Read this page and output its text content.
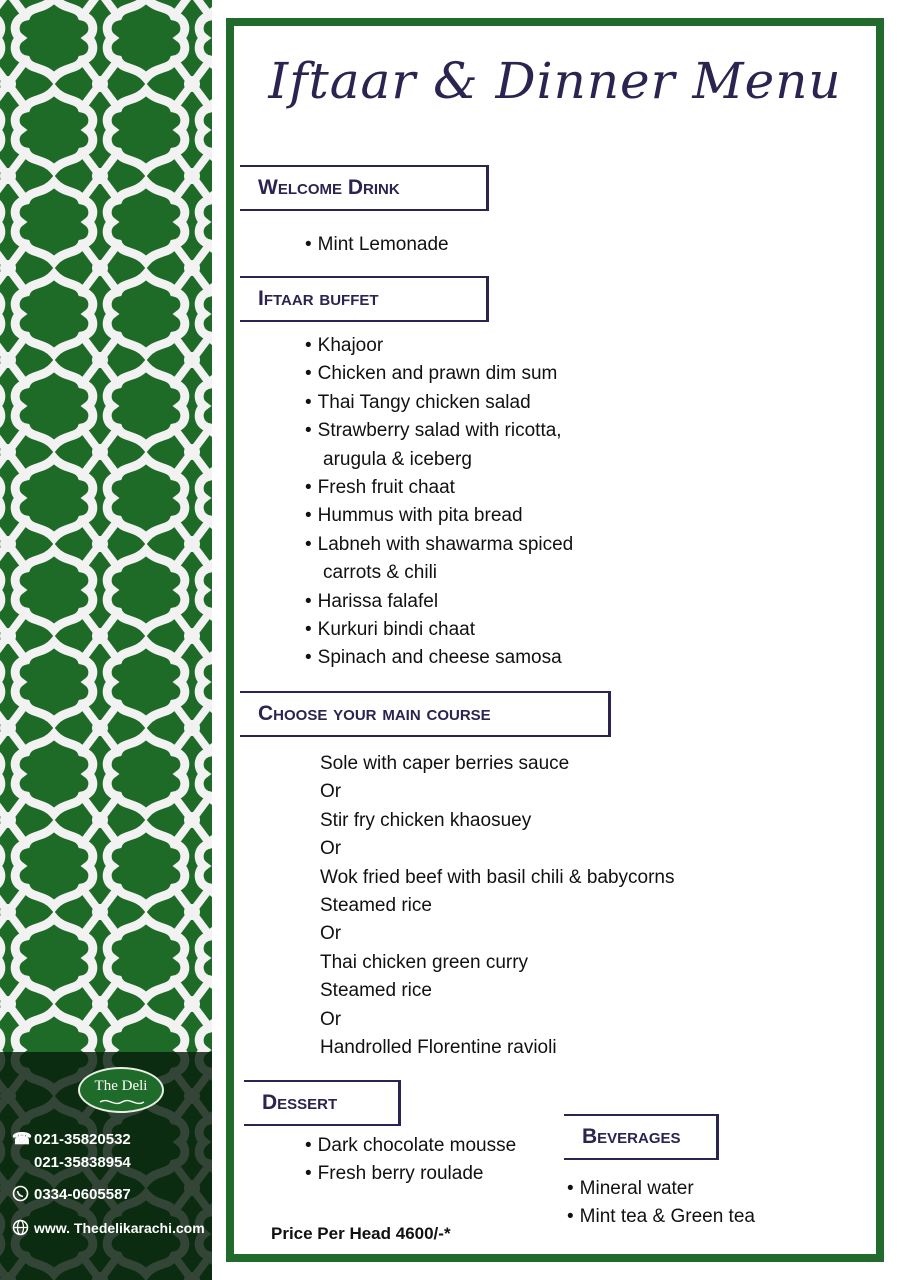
The Deli
☎ 021-35820532
021-35838954
0334-0605587
www. Thedelikarachi.com
Iftaar & Dinner Menu
Welcome Drink
• Mint Lemonade
Iftaar buffet
• Khajoor
• Chicken and prawn dim sum
• Thai Tangy chicken salad
• Strawberry salad with ricotta,
arugula & iceberg
• Fresh fruit chaat
• Hummus with pita bread
• Labneh with shawarma spiced
carrots & chili
• Harissa falafel
• Kurkuri bindi chaat
• Spinach and cheese samosa
Choose your main course
Sole with caper berries sauce
Or
Stir fry chicken khaosuey
Or
Wok fried beef with basil chili & babycorns
Steamed rice
Or
Thai chicken green curry
Steamed rice
Or
Handrolled Florentine ravioli
Dessert
• Dark chocolate mousse
• Fresh berry roulade
Beverages
• Mineral water
• Mint tea & Green tea
Price Per Head 4600/-*
